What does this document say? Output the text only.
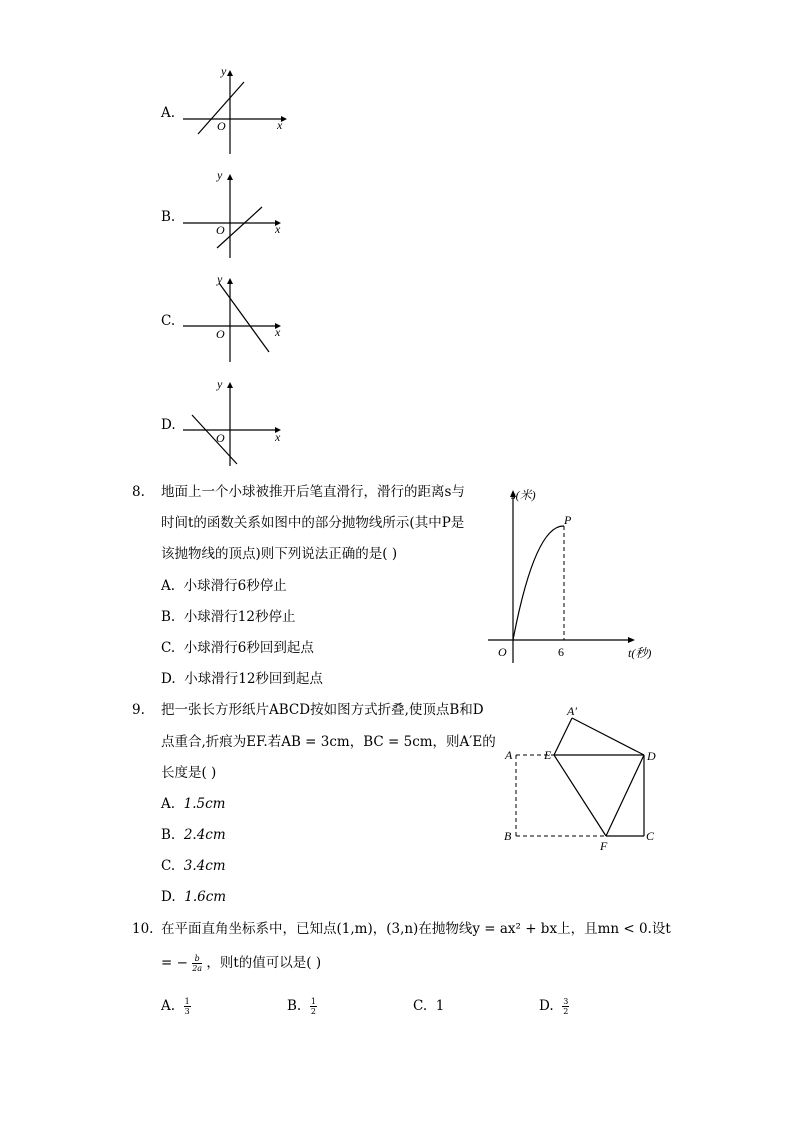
A.
y
x
O
B.
y
x
O
C.
y
x
O
D.
y
x
O
8. 地面上一个小球被推开后笔直滑行，滑行的距离s与
时间t的函数关系如图中的部分抛物线所示(其中P是
该抛物线的顶点)则下列说法正确的是( )
A. 小球滑行6秒停止
B. 小球滑行12秒停止
C. 小球滑行6秒回到起点
D. 小球滑行12秒回到起点
s(米)
t(秒)
O	6
P
9. 把一张长方形纸片ABCD按如图方式折叠,使顶点B和D
点重合,折痕为EF.若AB = 3cm，BC = 5cm，则A′E的
长度是( )
A. 1.5cm
B. 2.4cm
C. 3.4cm
D. 1.6cm
A′
E	D
A
B
F
C
10. 在平面直角坐标系中，已知点(1,m)，(3,n)在抛物线y = ax² + bx上，且mn < 0.设t
= − $\frac{b}{2a}$ ，则t的值可以是( )
A. $\frac{1}{3}$	B. $\frac{1}{2}$	C. 1	D. $\frac{3}{2}$
